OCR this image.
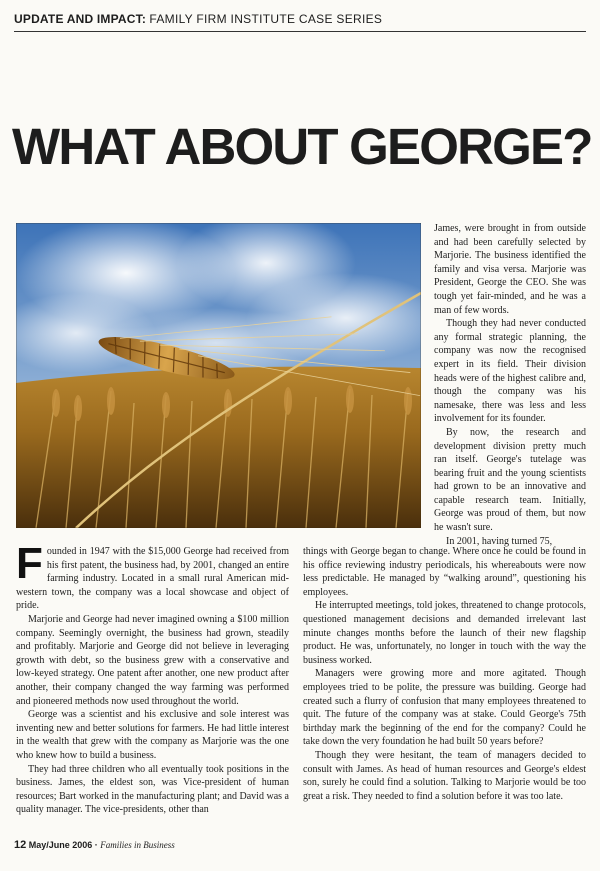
UPDATE AND IMPACT: FAMILY FIRM INSTITUTE CASE SERIES
WHAT ABOUT GEORGE?

James, were brought in from outside and had been carefully selected by Marjorie. The business identified the family and visa versa. Marjorie was President, George the CEO. She was tough yet fair-minded, and he was a man of few words.

Though they had never conducted any formal strategic planning, the company was now the recognised expert in its field. Their division heads were of the highest calibre and, though the company was his namesake, there was less and less involvement for its founder.

By now, the research and development division pretty much ran itself. George's tutelage was bearing fruit and the young scientists had grown to be an innovative and capable research team. Initially, George was proud of them, but now he wasn't sure.

In 2001, having turned 75,

Founded in 1947 with the $15,000 George had received from his first patent, the business had, by 2001, changed an entire farming industry. Located in a small rural American mid-western town, the company was a local showcase and object of pride.

Marjorie and George had never imagined owning a $100 million company. Seemingly overnight, the business had grown, steadily and profitably. Marjorie and George did not believe in leveraging growth with debt, so the business grew with a conservative and low-keyed strategy. One patent after another, one new product after another, their company changed the way farming was performed and pioneered methods now used throughout the world.

George was a scientist and his exclusive and sole interest was inventing new and better solutions for farmers. He had little interest in the wealth that grew with the company as Marjorie was the one who knew how to build a business.

They had three children who all eventually took positions in the business. James, the eldest son, was Vice-president of human resources; Bart worked in the manufacturing plant; and David was a quality manager. The vice-presidents, other than

things with George began to change. Where once he could be found in his office reviewing industry periodicals, his whereabouts were now less predictable. He managed by “walking around”, questioning his employees.

He interrupted meetings, told jokes, threatened to change protocols, questioned management decisions and demanded irrelevant last minute changes months before the launch of their new flagship product. He was, unfortunately, no longer in touch with the way the business worked.

Managers were growing more and more agitated. Though employees tried to be polite, the pressure was building. George had created such a flurry of confusion that many employees threatened to quit. The future of the company was at stake. Could George's 75th birthday mark the beginning of the end for the company? Could he take down the very foundation he had built 50 years before?

Though they were hesitant, the team of managers decided to consult with James. As head of human resources and George's eldest son, surely he could find a solution. Talking to Marjorie would be too great a risk. They needed to find a solution before it was too late.

12 May/June 2006 · Families in Business
